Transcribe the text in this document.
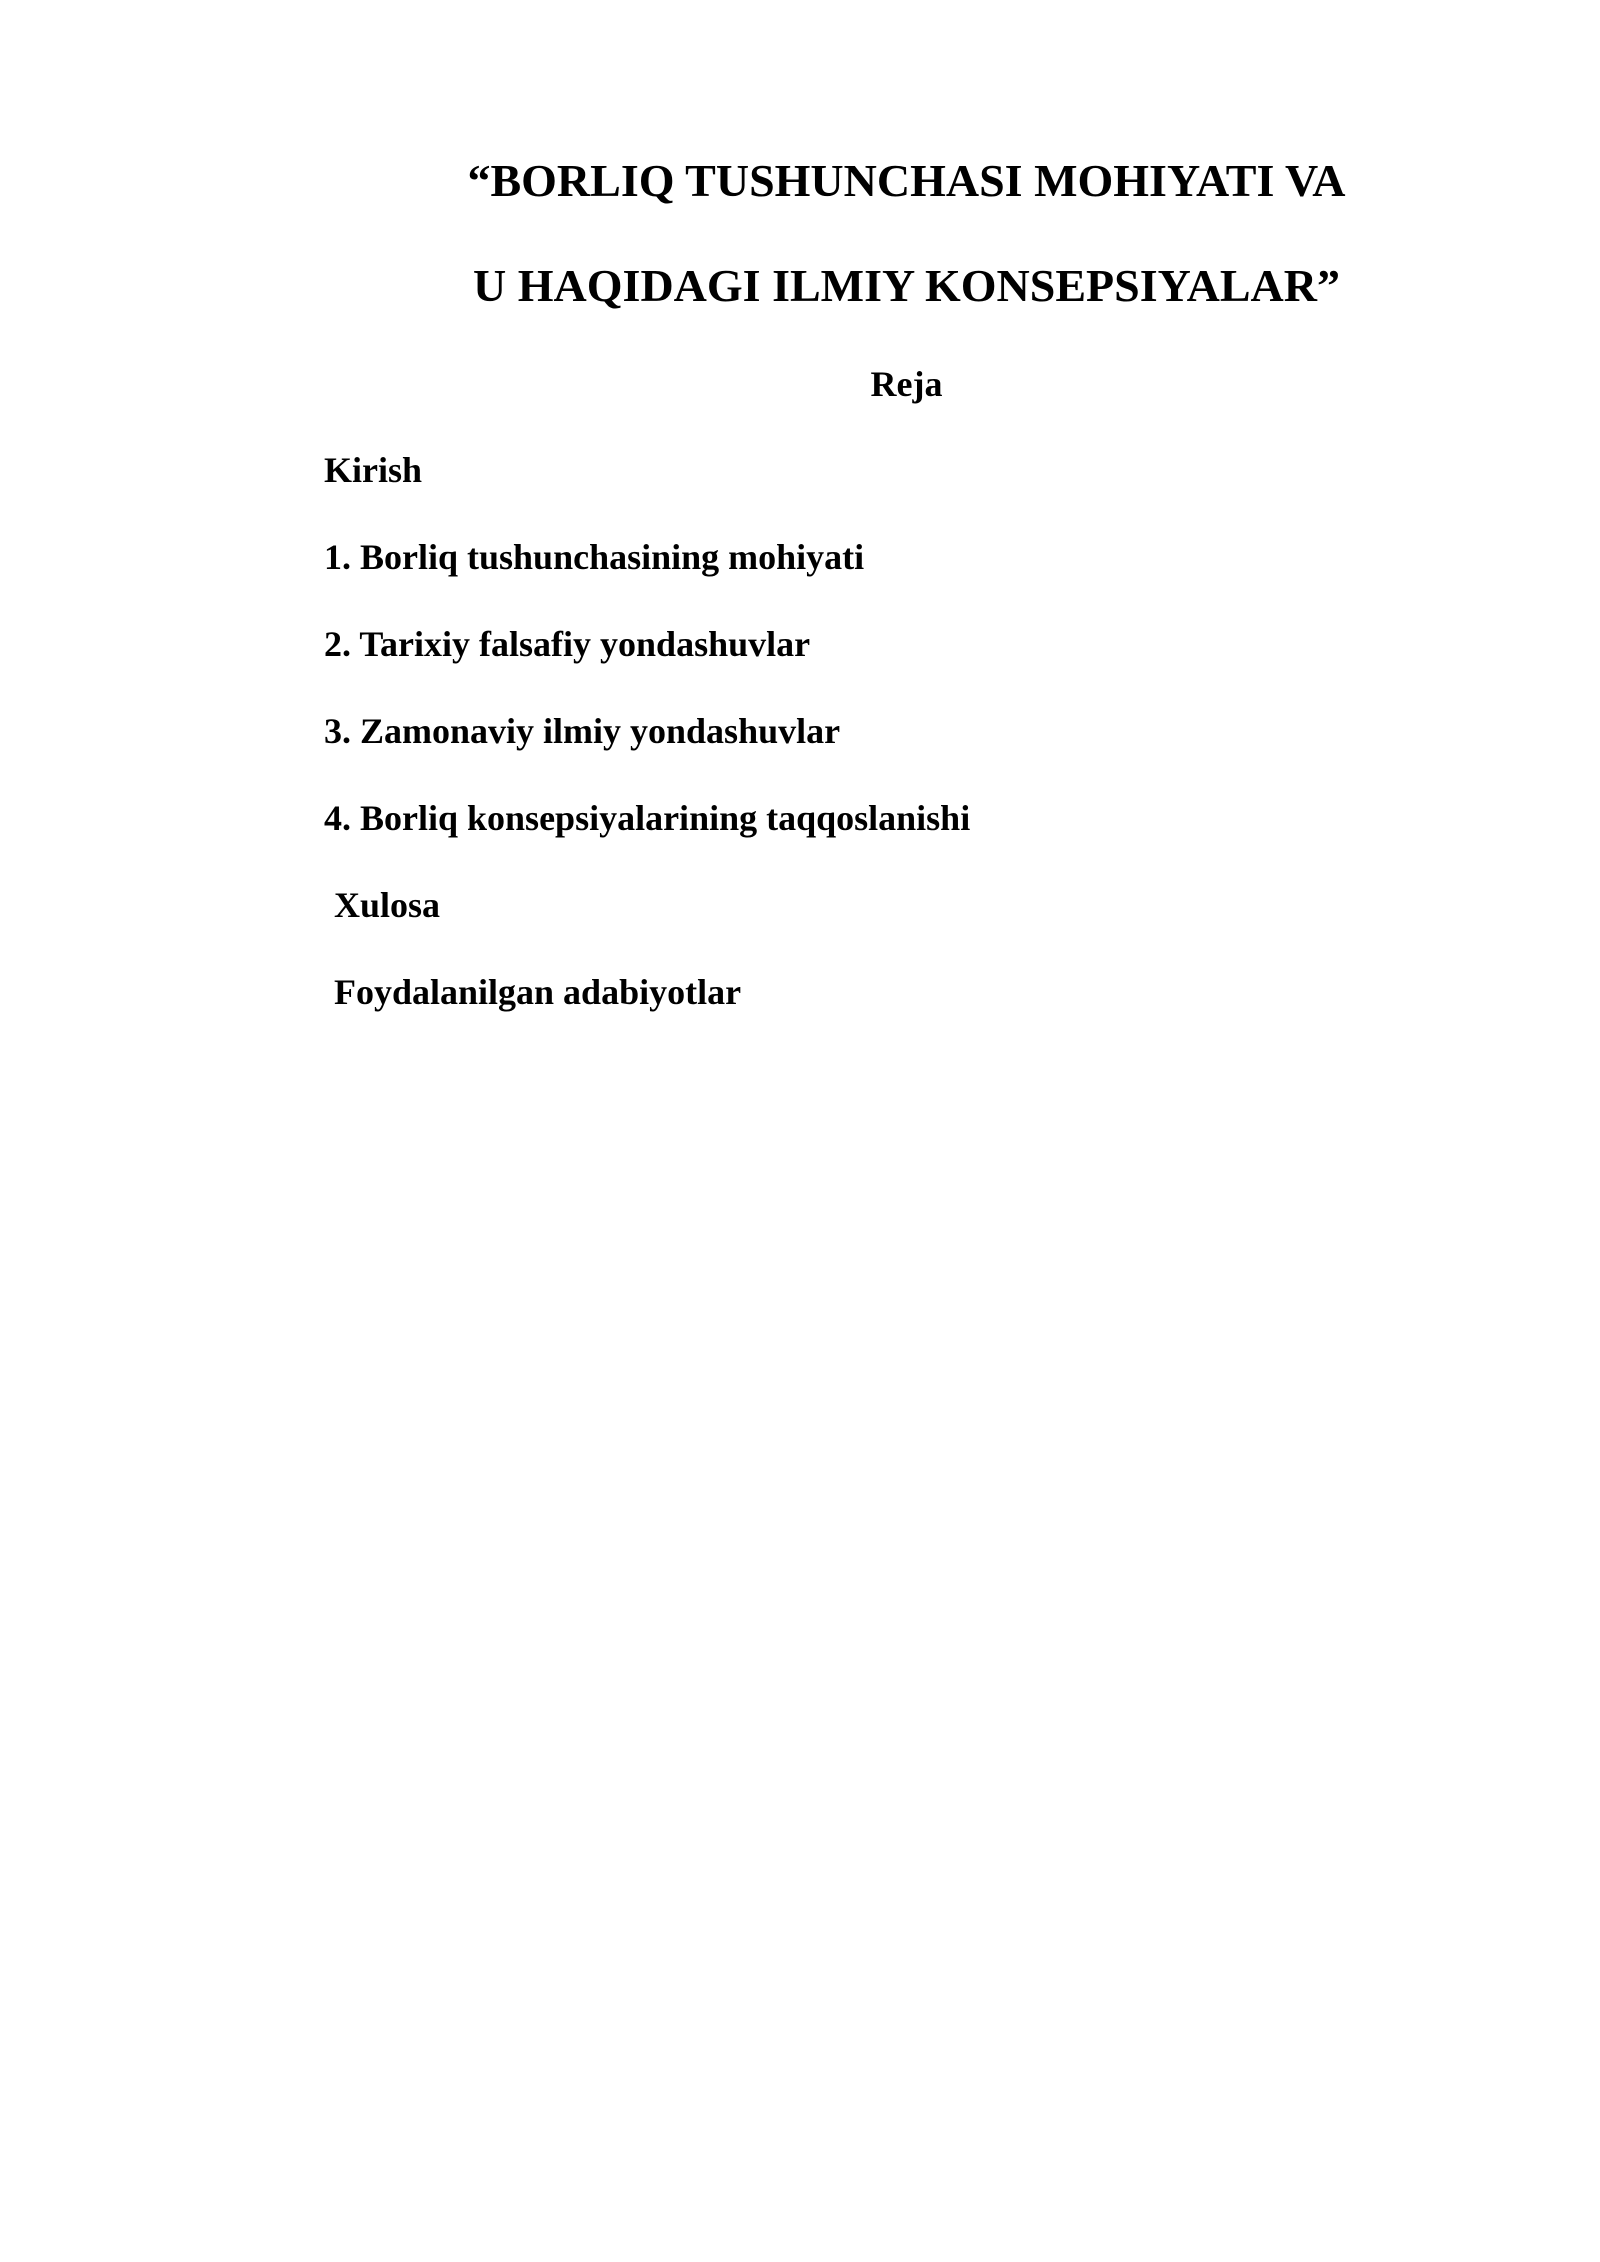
“BORLIQ TUSHUNCHASI MOHIYATI VA
U HAQIDAGI ILMIY KONSEPSIYALAR”
Reja
Kirish
1. Borliq tushunchasining mohiyati
2. Tarixiy falsafiy yondashuvlar
3. Zamonaviy ilmiy yondashuvlar
4. Borliq konsepsiyalarining taqqoslanishi
Xulosa
Foydalanilgan adabiyotlar
